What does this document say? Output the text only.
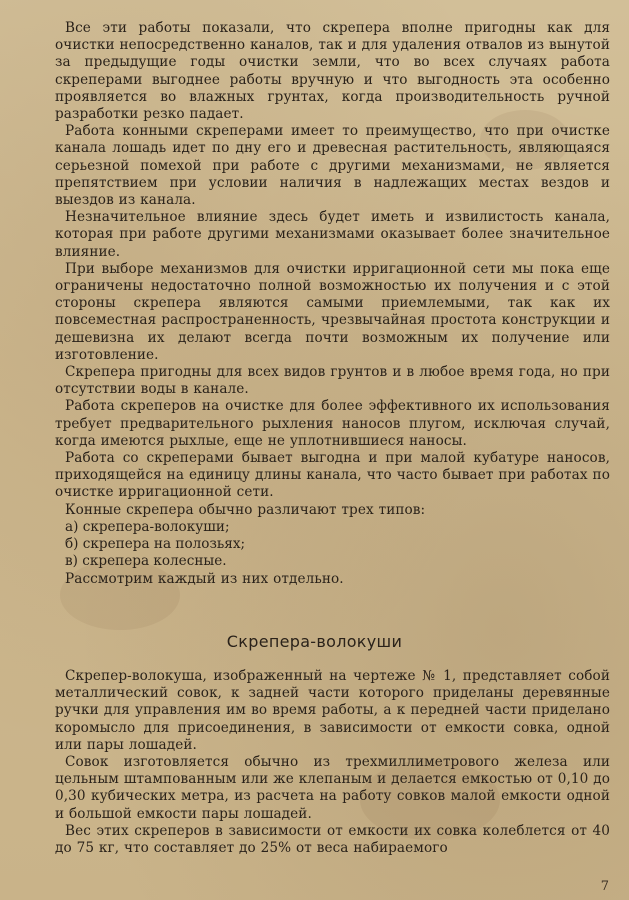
Все эти работы показали, что скрепера вполне пригодны как для очистки непосредственно каналов, так и для удаления отвалов из вынутой за предыдущие годы очистки земли, что во всех случаях работа скреперами выгоднее работы вручную и что выгодность эта особенно проявляется во влажных грунтах, когда производительность ручной разработки резко падает.

Работа конными скреперами имеет то преимущество, что при очистке канала лошадь идет по дну его и древесная растительность, являющаяся серьезной помехой при работе с другими механизмами, не является препятствием при условии наличия в надлежащих местах вездов и выездов из канала.

Незначительное влияние здесь будет иметь и извилистость канала, которая при работе другими механизмами оказывает более значительное влияние.

При выборе механизмов для очистки ирригационной сети мы пока еще ограничены недостаточно полной возможностью их получения и с этой стороны скрепера являются самыми приемлемыми, так как их повсеместная распространенность, чрезвычайная простота конструкции и дешевизна их делают всегда почти возможным их получение или изготовление.

Скрепера пригодны для всех видов грунтов и в любое время года, но при отсутствии воды в канале.

Работа скреперов на очистке для более эффективного их использования требует предварительного рыхления наносов плугом, исключая случай, когда имеются рыхлые, еще не уплотнившиеся наносы.

Работа со скреперами бывает выгодна и при малой кубатуре наносов, приходящейся на единицу длины канала, что часто бывает при работах по очистке ирригационной сети.

Конные скрепера обычно различают трех типов:

а) скрепера-волокуши;
б) скрепера на полозьях;
в) скрепера колесные.

Рассмотрим каждый из них отдельно.

Скрепера-волокуши

Скрепер-волокуша, изображенный на чертеже № 1, представляет собой металлический совок, к задней части которого приделаны деревянные ручки для управления им во время работы, а к передней части приделано коромысло для присоединения, в зависимости от емкости совка, одной или пары лошадей.

Совок изготовляется обычно из трехмиллиметрового железа или цельным штампованным или же клепаным и делается емкостью от 0,10 до 0,30 кубических метра, из расчета на работу совков малой емкости одной и большой емкости пары лошадей.

Вес этих скреперов в зависимости от емкости их совка колеблется от 40 до 75 кг, что составляет до 25% от веса набираемого

7
